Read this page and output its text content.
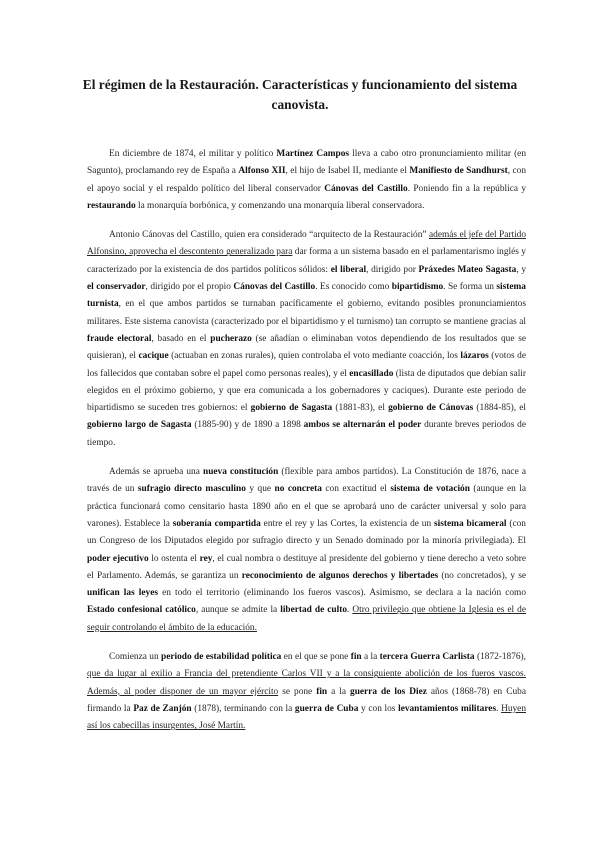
El régimen de la Restauración. Características y funcionamiento del sistema canovista.

En diciembre de 1874, el militar y político Martínez Campos lleva a cabo otro pronunciamiento militar (en Sagunto), proclamando rey de España a Alfonso XII, el hijo de Isabel II, mediante el Manifiesto de Sandhurst, con el apoyo social y el respaldo político del liberal conservador Cánovas del Castillo. Poniendo fin a la república y restaurando la monarquía borbónica, y comenzando una monarquía liberal conservadora.

Antonio Cánovas del Castillo, quien era considerado “arquitecto de la Restauración” además el jefe del Partido Alfonsino, aprovecha el descontento generalizado para dar forma a un sistema basado en el parlamentarismo inglés y caracterizado por la existencia de dos partidos políticos sólidos: el liberal, dirigido por Práxedes Mateo Sagasta, y el conservador, dirigido por el propio Cánovas del Castillo. Es conocido como bipartidismo. Se forma un sistema turnista, en el que ambos partidos se turnaban pacíficamente el gobierno, evitando posibles pronunciamientos militares. Este sistema canovista (caracterizado por el bipartidismo y el turnismo) tan corrupto se mantiene gracias al fraude electoral, basado en el pucherazo (se añadían o eliminaban votos dependiendo de los resultados que se quisieran), el cacique (actuaban en zonas rurales), quien controlaba el voto mediante coacción, los lázaros (votos de los fallecidos que contaban sobre el papel como personas reales), y el encasillado (lista de diputados que debían salir elegidos en el próximo gobierno, y que era comunicada a los gobernadores y caciques). Durante este periodo de bipartidismo se suceden tres gobiernos: el gobierno de Sagasta (1881-83), el gobierno de Cánovas (1884-85), el gobierno largo de Sagasta (1885-90) y de 1890 a 1898 ambos se alternarán el poder durante breves periodos de tiempo.

Además se aprueba una nueva constitución (flexible para ambos partidos). La Constitución de 1876, nace a través de un sufragio directo masculino y que no concreta con exactitud el sistema de votación (aunque en la práctica funcionará como censitario hasta 1890 año en el que se aprobará uno de carácter universal y solo para varones). Establece la soberanía compartida entre el rey y las Cortes, la existencia de un sistema bicameral (con un Congreso de los Diputados elegido por sufragio directo y un Senado dominado por la minoría privilegiada). El poder ejecutivo lo ostenta el rey, el cual nombra o destituye al presidente del gobierno y tiene derecho a veto sobre el Parlamento. Además, se garantiza un reconocimiento de algunos derechos y libertades (no concretados), y se unifican las leyes en todo el territorio (eliminando los fueros vascos). Asimismo, se declara a la nación como Estado confesional católico, aunque se admite la libertad de culto. Otro privilegio que obtiene la Iglesia es el de seguir controlando el ámbito de la educación.

Comienza un periodo de estabilidad política en el que se pone fin a la tercera Guerra Carlista (1872-1876), que da lugar al exilio a Francia del pretendiente Carlos VII y a la consiguiente abolición de los fueros vascos. Además, al poder disponer de un mayor ejército se pone fin a la guerra de los Diez años (1868-78) en Cuba firmando la Paz de Zanjón (1878), terminando con la guerra de Cuba y con los levantamientos militares. Huyen así los cabecillas insurgentes, José Martín.
